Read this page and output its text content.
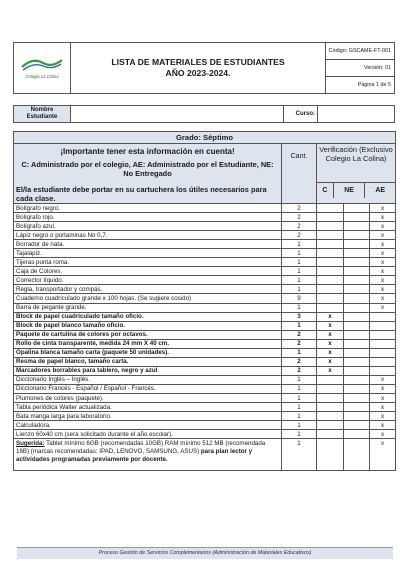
Colegio La Colina

LISTA DE MATERIALES DE ESTUDIANTES
AÑO 2023-2024.

Código: GSCAME-FT-001
Versión: 01
Página 1 de 5

Nombre Estudiante		Curso:	
Grado: Séptimo

¡Importante tener esta información en cuenta!
C: Administrado por el colegio, AE: Administrado por el Estudiante, NE: No Entregado
El/la estudiante debe portar en su cartuchera los útiles necesarios para cada clase.
	Cant.	
Verificación (Exclusivo Colegio La Colina)
C	NE	AE

Bolígrafo negro.	2			x
Bolígrafo rojo.	2			x
Bolígrafo azul.	2			x
Lápiz negro o portaminas No 0,7.	2			x
Borrador de nata.	1			x
Tajalápiz.	1			x
Tijeras punta roma.	1			x
Caja de Colores.	1			x
Corrector líquido.	1			x
Regla, transportador y compás.	1			x
Cuaderno cuadriculado grande x 100 hojas. (Se sugiere cosido)	9			x
Barra de pegante grande.	1			x
Block de papel cuadriculado tamaño oficio.	3	x		
Block de papel blanco tamaño oficio.	1	x		
Paquete de cartulina de colores por octavos.	2	x		
Rollo de cinta transparente, medida 24 mm X 40 cm.	2	x		
Opalina blanca tamaño carta (paquete 50 unidades).	1	x		
Resma de papel blanco, tamaño carta.	2	x		
Marcadores borrables para tablero, negro y azul	2	x		
Diccionario Inglés – Inglés.	1			x
Diccionario Francés - Español / Español - Francés.	1			x
Plumones de colores (paquete).	1			x
Tabla periódica Walter actualizada.	1			x
Bata manga larga para laboratorio.	1			x
Calculadora.	1			x
Lienzo 60x40 cm (será solicitado durante el año escolar).	1			x
Sugerida: Tablet mínimo 6GB (recomendadas 10GB) RAM mínimo 512 MB (recomendada 16B) (marcas recomendadas: IPAD, LENOVO, SAMSUNG, ASUS) para plan lector y actividades programadas previamente por docente.	1			x
Proceso Gestión de Servicios Complementarios (Administración de Materiales Educativos)
